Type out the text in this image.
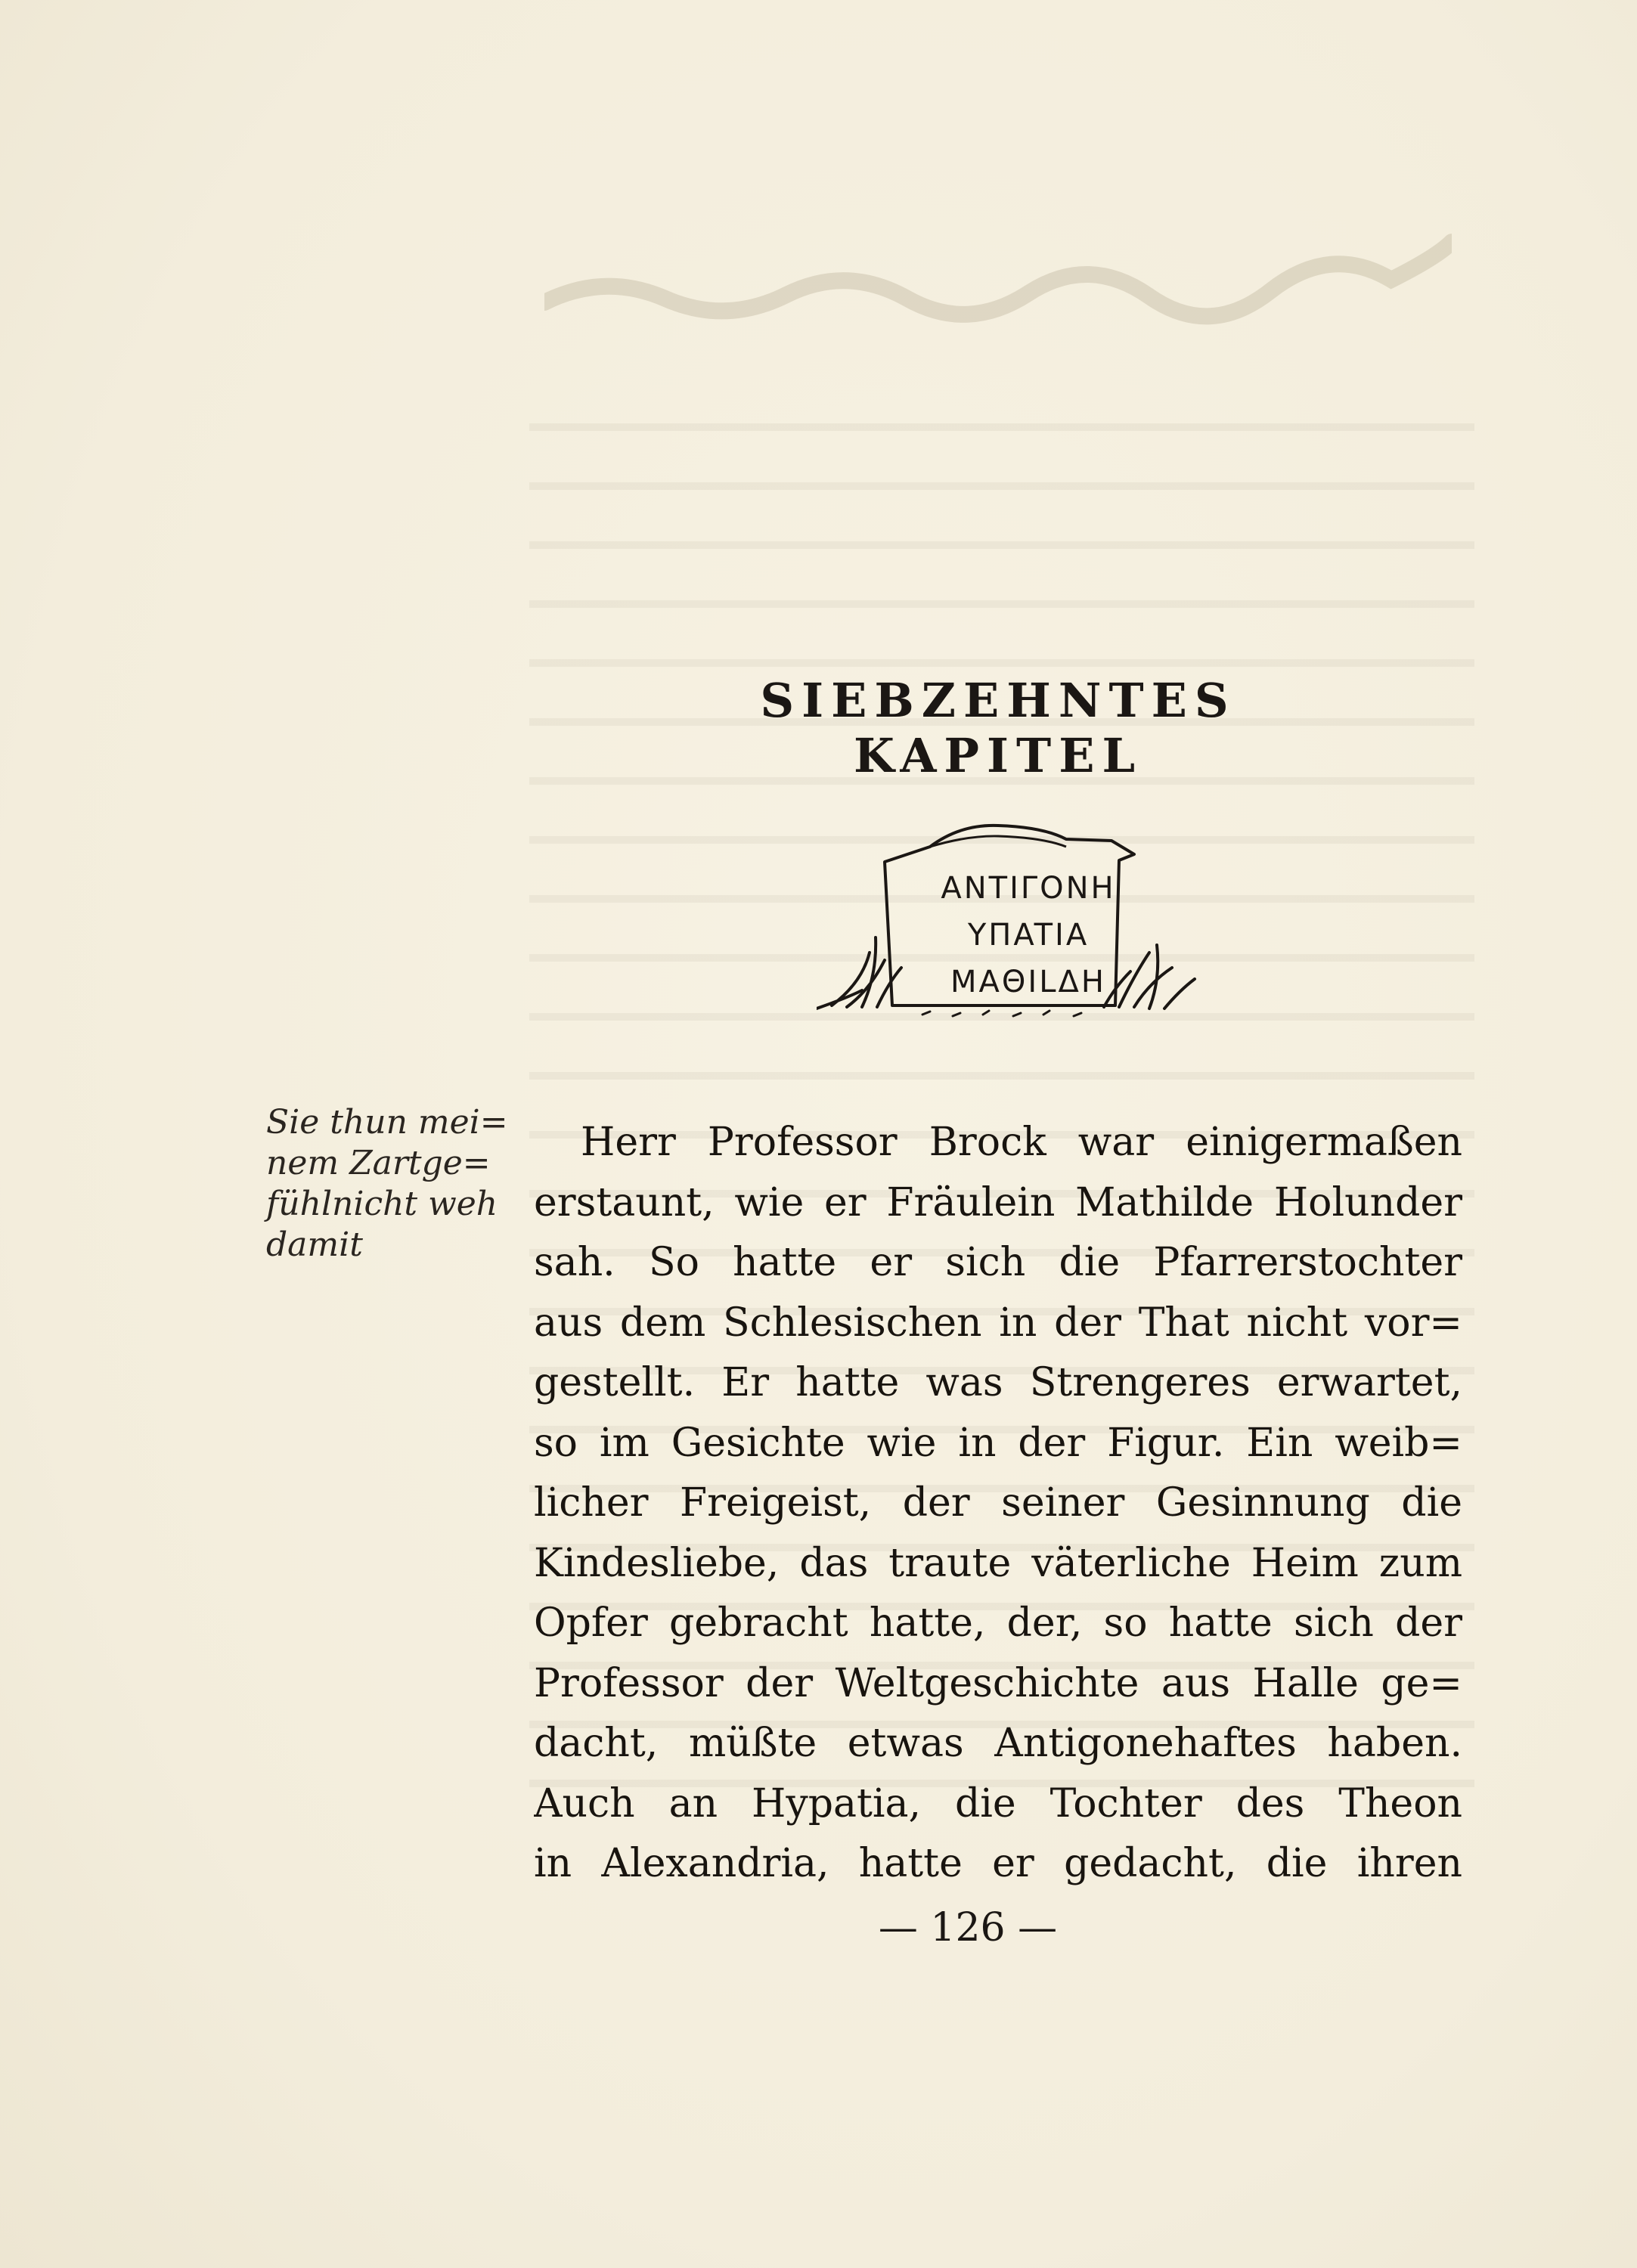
SIEBZEHNTES KAPITEL
ANTIΓONH
YΠATIA
MAΘILΔH
Sie thun mei=
nem Zartge=
fühlnicht weh
damit
Herr Professor Brock war einigermaßen
erstaunt, wie er Fräulein Mathilde Holunder
sah. So hatte er sich die Pfarrerstochter
aus dem Schlesischen in der That nicht vor=
gestellt. Er hatte was Strengeres erwartet,
so im Gesichte wie in der Figur. Ein weib=
licher Freigeist, der seiner Gesinnung die
Kindesliebe, das traute väterliche Heim zum
Opfer gebracht hatte, der, so hatte sich der
Professor der Weltgeschichte aus Halle ge=
dacht, müßte etwas Antigonehaftes haben.
Auch an Hypatia, die Tochter des Theon
in Alexandria, hatte er gedacht, die ihren
— 126 —
